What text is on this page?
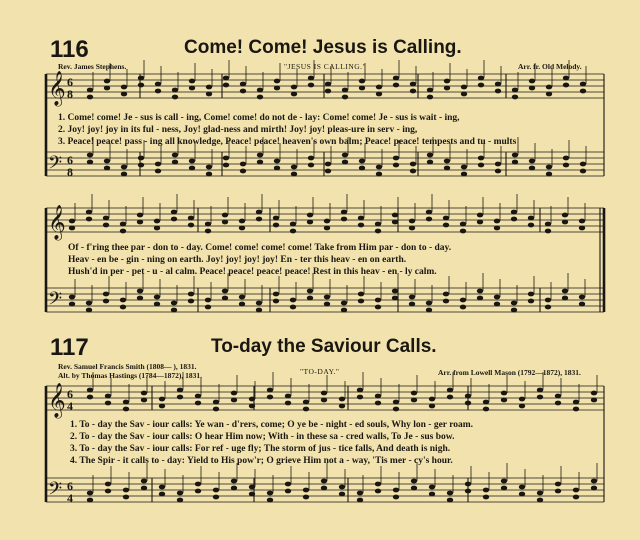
116	Come! Come! Jesus is Calling.
Rev. James Stephens.	"JESUS IS CALLING."	Arr. fr. Old Melody.
117	To-day the Saviour Calls.
Rev. Samuel Francis Smith (1808— ), 1831.
Alt. by Thomas Hastings (1784—1872), 1831.	"TO-DAY."	Arr. from Lowell Mason (1792—1872), 1831.
𝄞
𝄢
6
8
6
8
𝄞
𝄢
𝄞
𝄢
6
4
6
4
1. Come! come! Je - sus is call - ing, Come! come! do not de - lay: Come! come! Je - sus is wait - ing,
2. Joy! joy! joy in its ful - ness, Joy! glad-ness and mirth! Joy! joy! pleas-ure in serv - ing,
3. Peace! peace! pass - ing all knowledge, Peace! peace! heaven's own balm; Peace! peace! tempests and tu - mults
Of - f'ring thee par - don to - day. Come! come! come! come! Take from Him par - don to - day.
Heav - en be - gin - ning on earth. Joy! joy! joy! joy! En - ter this heav - en on earth.
Hush'd in per - pet - u - al calm. Peace! peace! peace! peace! Rest in this heav - en - ly calm.
1. To - day the Sav - iour calls: Ye wan - d'rers, come; O ye be - night - ed souls, Why lon - ger roam.
2. To - day the Sav - iour calls: O hear Him now; With - in these sa - cred walls, To Je - sus bow.
3. To - day the Sav - iour calls: For ref - uge fly; The storm of jus - tice falls, And death is nigh.
4. The Spir - it calls to - day: Yield to His pow'r; O grieve Him not a - way, 'Tis mer - cy's hour.
